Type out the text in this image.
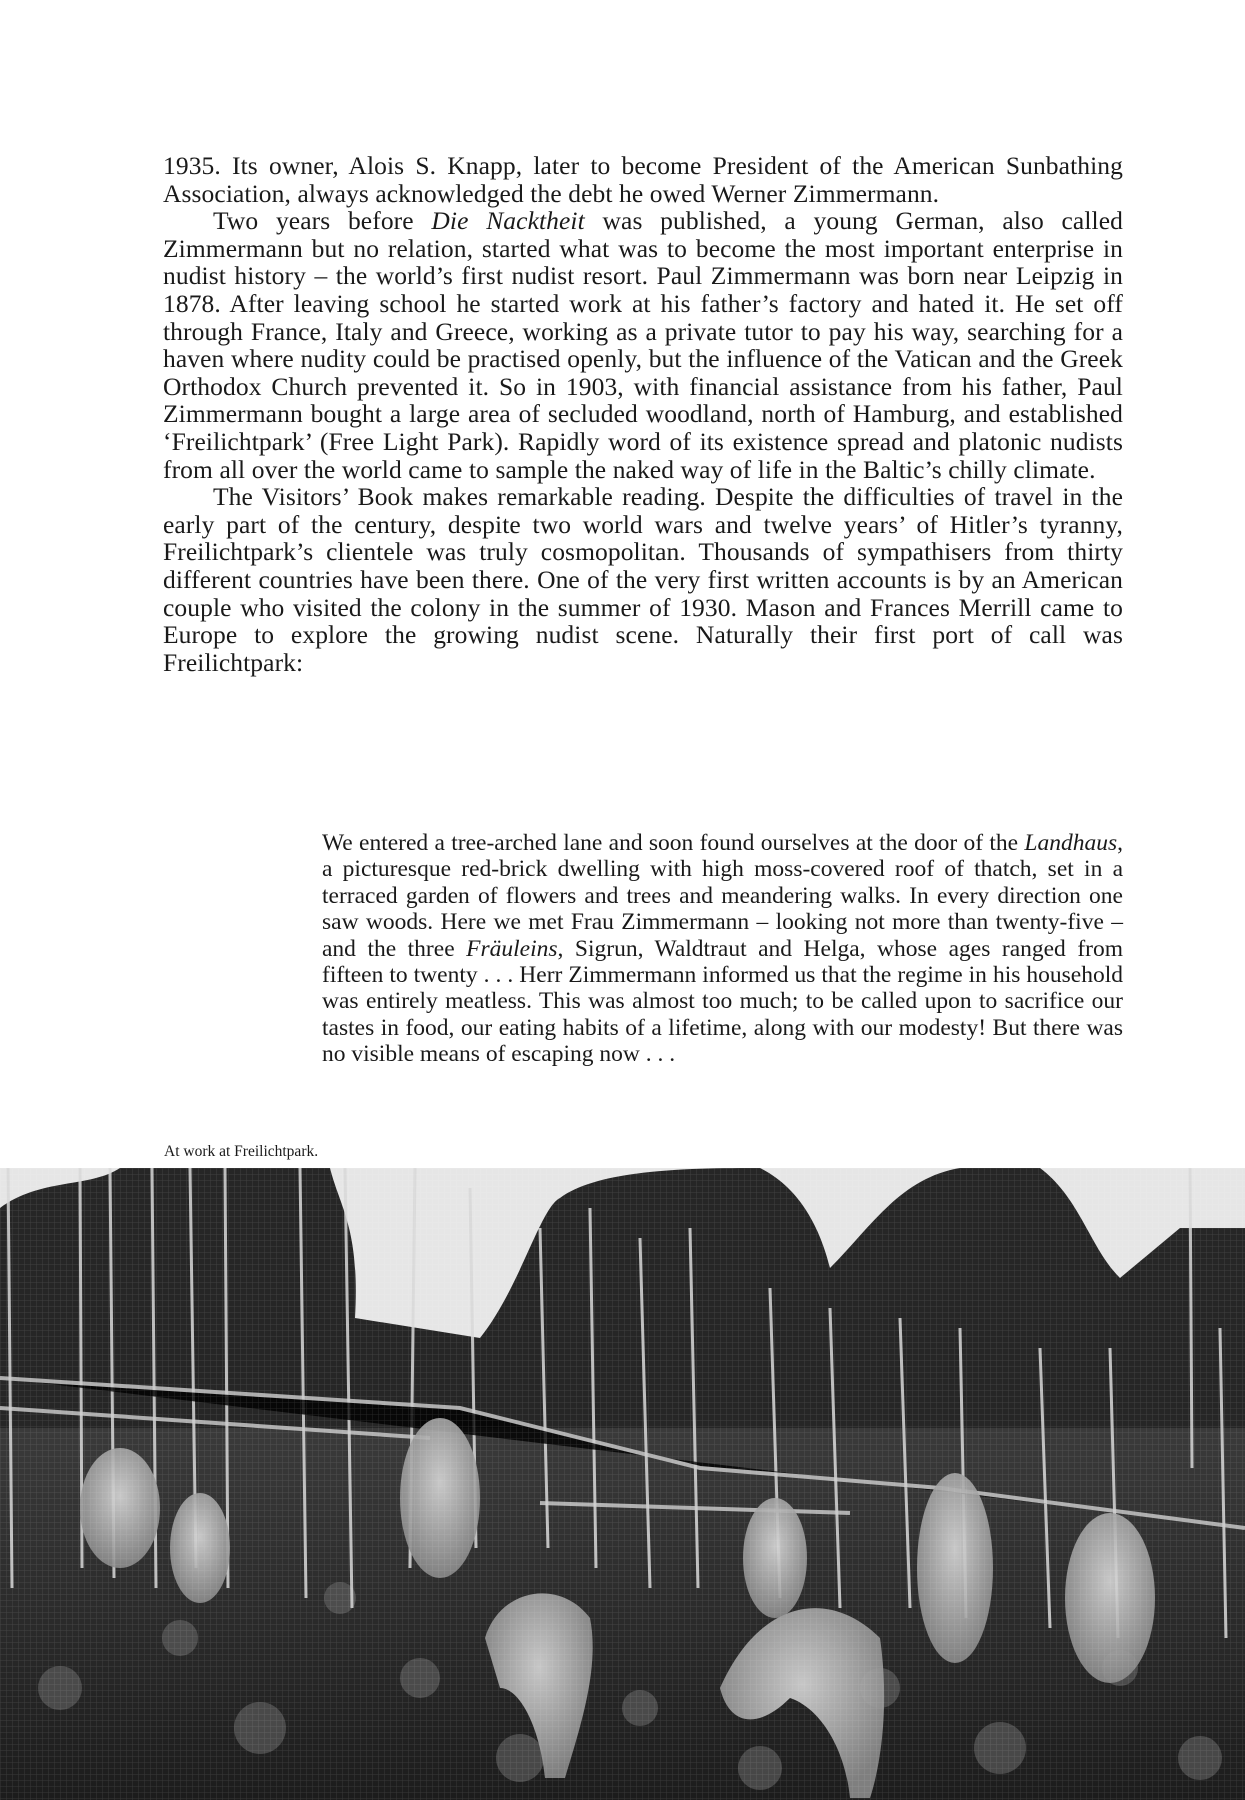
1935. Its owner, Alois S. Knapp, later to become President of the American Sunbathing Association, always acknowledged the debt he owed Werner Zimmermann.

Two years before Die Nacktheit was published, a young German, also called Zimmermann but no relation, started what was to become the most important enterprise in nudist history – the world’s first nudist resort. Paul Zimmermann was born near Leipzig in 1878. After leaving school he started work at his father’s factory and hated it. He set off through France, Italy and Greece, working as a private tutor to pay his way, searching for a haven where nudity could be practised openly, but the influence of the Vatican and the Greek Orthodox Church prevented it. So in 1903, with financial assistance from his father, Paul Zimmermann bought a large area of secluded woodland, north of Hamburg, and established ‘Freilichtpark’ (Free Light Park). Rapidly word of its existence spread and platonic nudists from all over the world came to sample the naked way of life in the Baltic’s chilly climate.

The Visitors’ Book makes remarkable reading. Despite the difficulties of travel in the early part of the century, despite two world wars and twelve years’ of Hitler’s tyranny, Freilichtpark’s clientele was truly cosmopolitan. Thousands of sympathisers from thirty different countries have been there. One of the very first written accounts is by an American couple who visited the colony in the summer of 1930. Mason and Frances Merrill came to Europe to explore the growing nudist scene. Naturally their first port of call was Freilichtpark:

We entered a tree-arched lane and soon found ourselves at the door of the Landhaus, a picturesque red-brick dwelling with high moss-covered roof of thatch, set in a terraced garden of flowers and trees and meandering walks. In every direction one saw woods. Here we met Frau Zimmermann – looking not more than twenty-five – and the three Fräuleins, Sigrun, Waldtraut and Helga, whose ages ranged from fifteen to twenty . . . Herr Zimmermann informed us that the regime in his household was entirely meatless. This was almost too much; to be called upon to sacrifice our tastes in food, our eating habits of a lifetime, along with our modesty! But there was no visible means of escaping now . . .

At work at Freilichtpark.
